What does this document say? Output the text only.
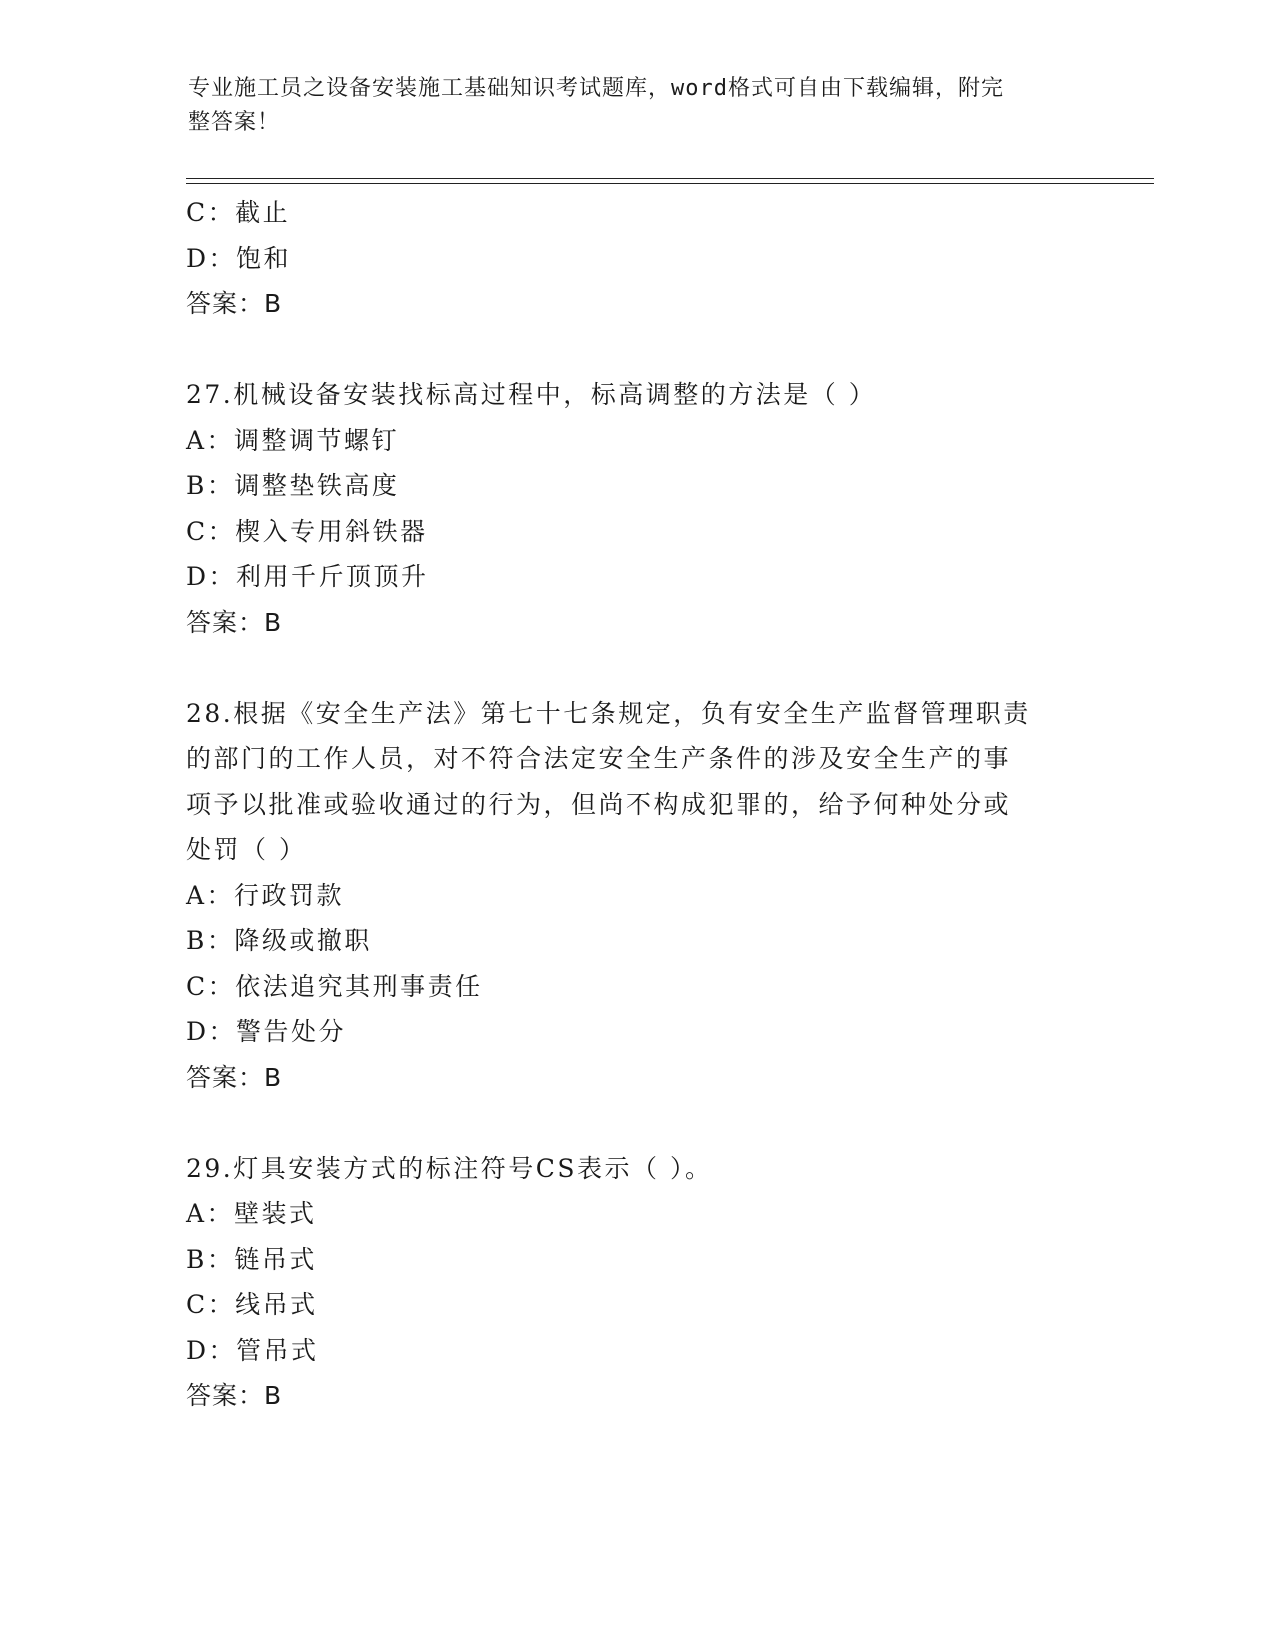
专业施工员之设备安装施工基础知识考试题库，word格式可自由下载编辑，附完
整答案！
C：截止
D：饱和
答案：B
27.机械设备安装找标高过程中，标高调整的方法是（ ）
A：调整调节螺钉
B：调整垫铁高度
C：楔入专用斜铁器
D：利用千斤顶顶升
答案：B
28.根据《安全生产法》第七十七条规定，负有安全生产监督管理职责
的部门的工作人员，对不符合法定安全生产条件的涉及安全生产的事
项予以批准或验收通过的行为，但尚不构成犯罪的，给予何种处分或
处罚（ ）
A：行政罚款
B：降级或撤职
C：依法追究其刑事责任
D：警告处分
答案：B
29.灯具安装方式的标注符号CS表示（ ）。
A：壁装式
B：链吊式
C：线吊式
D：管吊式
答案：B
